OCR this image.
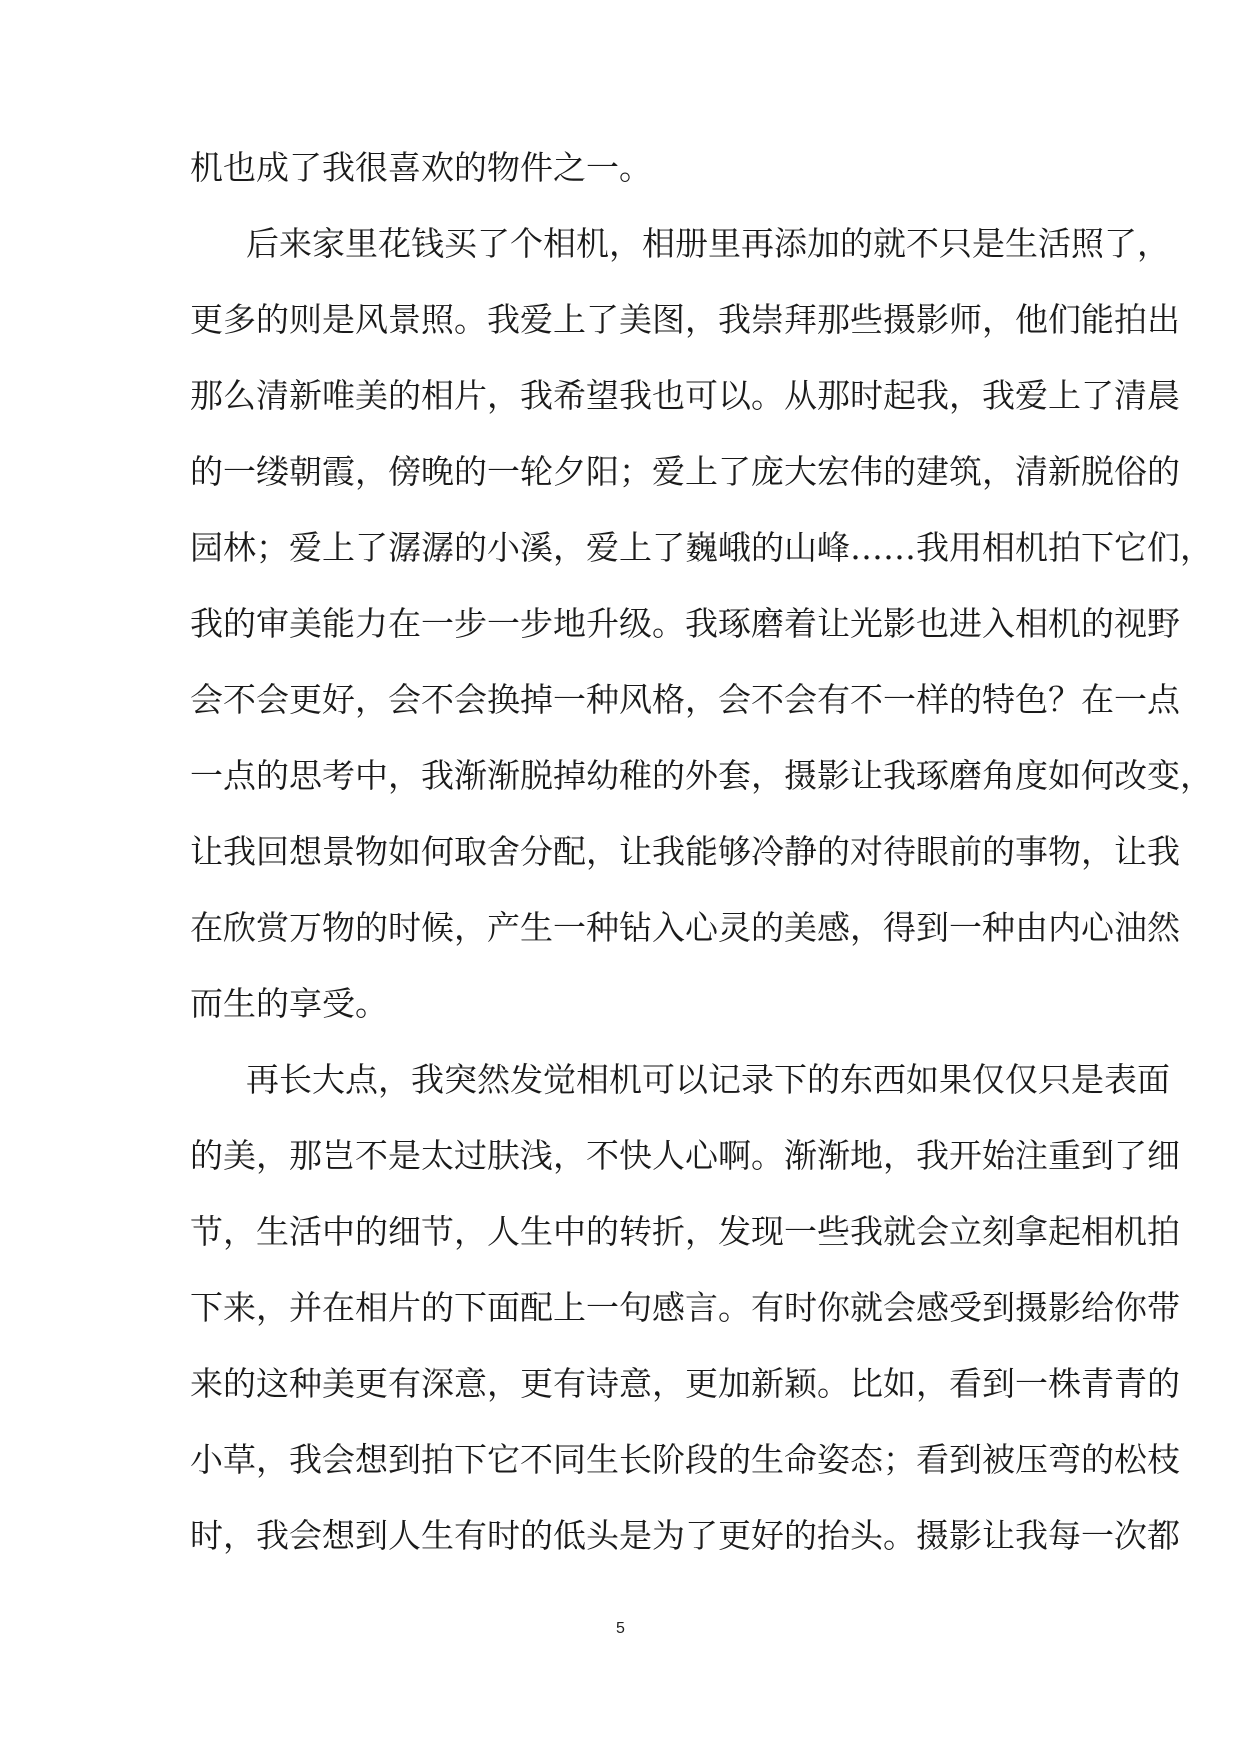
机也成了我很喜欢的物件之一。
后来家里花钱买了个相机，相册里再添加的就不只是生活照了，
更多的则是风景照。我爱上了美图，我崇拜那些摄影师，他们能拍出
那么清新唯美的相片，我希望我也可以。从那时起我，我爱上了清晨
的一缕朝霞，傍晚的一轮夕阳；爱上了庞大宏伟的建筑，清新脱俗的
园林；爱上了潺潺的小溪，爱上了巍峨的山峰……我用相机拍下它们，
我的审美能力在一步一步地升级。我琢磨着让光影也进入相机的视野
会不会更好，会不会换掉一种风格，会不会有不一样的特色？在一点
一点的思考中，我渐渐脱掉幼稚的外套，摄影让我琢磨角度如何改变，
让我回想景物如何取舍分配，让我能够冷静的对待眼前的事物，让我
在欣赏万物的时候，产生一种钻入心灵的美感，得到一种由内心油然
而生的享受。
再长大点，我突然发觉相机可以记录下的东西如果仅仅只是表面
的美，那岂不是太过肤浅，不快人心啊。渐渐地，我开始注重到了细
节，生活中的细节，人生中的转折，发现一些我就会立刻拿起相机拍
下来，并在相片的下面配上一句感言。有时你就会感受到摄影给你带
来的这种美更有深意，更有诗意，更加新颖。比如，看到一株青青的
小草，我会想到拍下它不同生长阶段的生命姿态；看到被压弯的松枝
时，我会想到人生有时的低头是为了更好的抬头。摄影让我每一次都
5
